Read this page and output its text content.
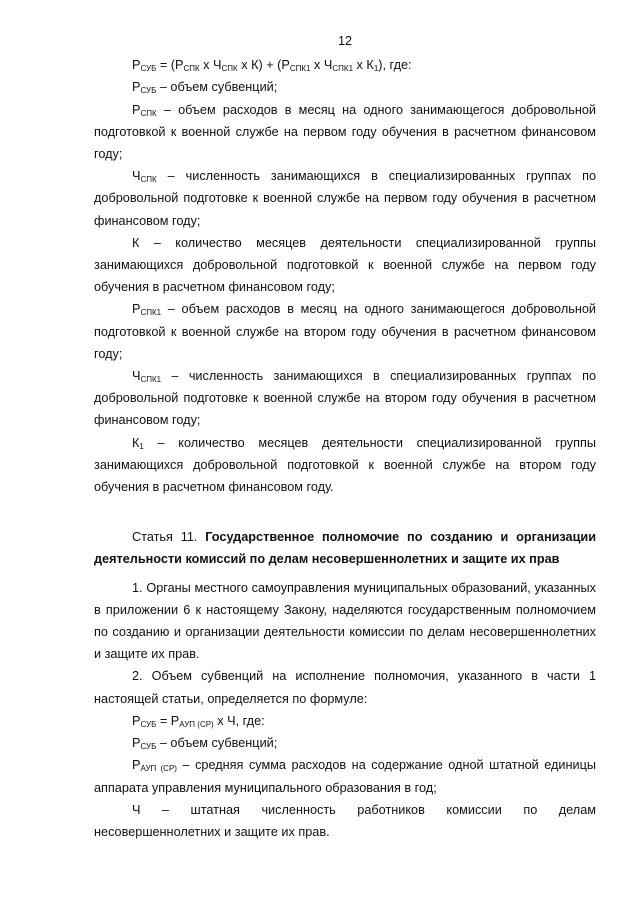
12

$Р_{СУБ} = (Р_{СПК}$ х $Ч_{СПК}$ х $К) + (Р_{СПК1}$ х $Ч_{СПК1}$ х $К_1$), где:

$Р_{СУБ}$ – объем субвенций;

$Р_{СПК}$ – объем расходов в месяц на одного занимающегося добровольной подготовкой к военной службе на первом году обучения в расчетном финансовом году;

$Ч_{СПК}$ – численность занимающихся в специализированных группах по добровольной подготовке к военной службе на первом году обучения в расчетном финансовом году;

К – количество месяцев деятельности специализированной группы занимающихся добровольной подготовкой к военной службе на первом году обучения в расчетном финансовом году;

$Р_{СПК1}$ – объем расходов в месяц на одного занимающегося добровольной подготовкой к военной службе на втором году обучения в расчетном финансовом году;

$Ч_{СПК1}$ – численность занимающихся в специализированных группах по добровольной подготовке к военной службе на втором году обучения в расчетном финансовом году;

$К_1$ – количество месяцев деятельности специализированной группы занимающихся добровольной подготовкой к военной службе на втором году обучения в расчетном финансовом году.

Статья 11. Государственное полномочие по созданию и организации деятельности комиссий по делам несовершеннолетних и защите их прав

1. Органы местного самоуправления муниципальных образований, указанных в приложении 6 к настоящему Закону, наделяются государственным полномочием по созданию и организации деятельности комиссии по делам несовершеннолетних и защите их прав.

2. Объем субвенций на исполнение полномочия, указанного в части 1 настоящей статьи, определяется по формуле:

$Р_{СУБ} = Р_{АУП (СР)}$ х Ч, где:

$Р_{СУБ}$ – объем субвенций;

$Р_{АУП (СР)}$ – средняя сумма расходов на содержание одной штатной единицы аппарата управления муниципального образования в год;

Ч – штатная численность работников комиссии по делам несовершеннолетних и защите их прав.
